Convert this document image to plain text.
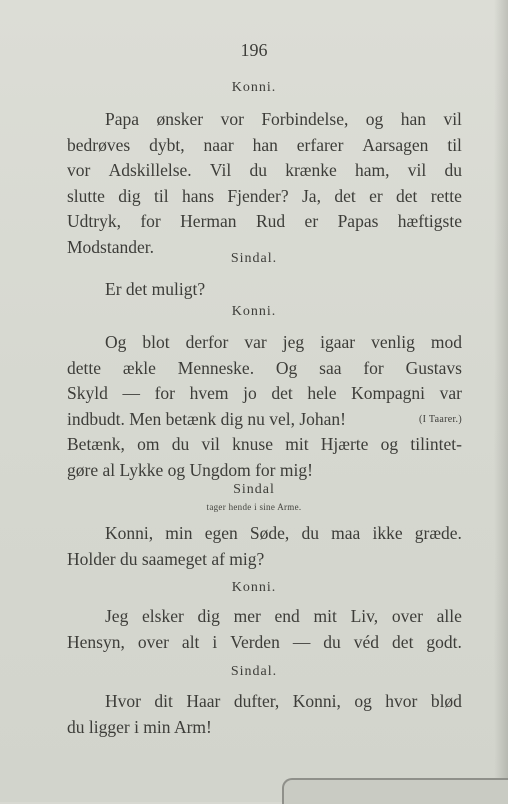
196
Konni.
Papa ønsker vor Forbindelse, og han vil
bedrøves dybt, naar han erfarer Aarsagen til
vor Adskillelse. Vil du krænke ham, vil du
slutte dig til hans Fjender? Ja, det er det rette
Udtryk, for Herman Rud er Papas hæftigste
Modstander.
Sindal.
Er det muligt?
Konni.
Og blot derfor var jeg igaar venlig mod
dette ækle Menneske. Og saa for Gustavs
Skyld — for hvem jo det hele Kompagni var
indbudt. Men betænk dig nu vel, Johan!	(I Taarer.)
Betænk, om du vil knuse mit Hjærte og tilintet-
gøre al Lykke og Ungdom for mig!
Sindal
tager hende i sine Arme.
Konni, min egen Søde, du maa ikke græde.
Holder du saameget af mig?
Konni.
Jeg elsker dig mer end mit Liv, over alle
Hensyn, over alt i Verden — du véd det godt.
Sindal.
Hvor dit Haar dufter, Konni, og hvor blød
du ligger i min Arm!
